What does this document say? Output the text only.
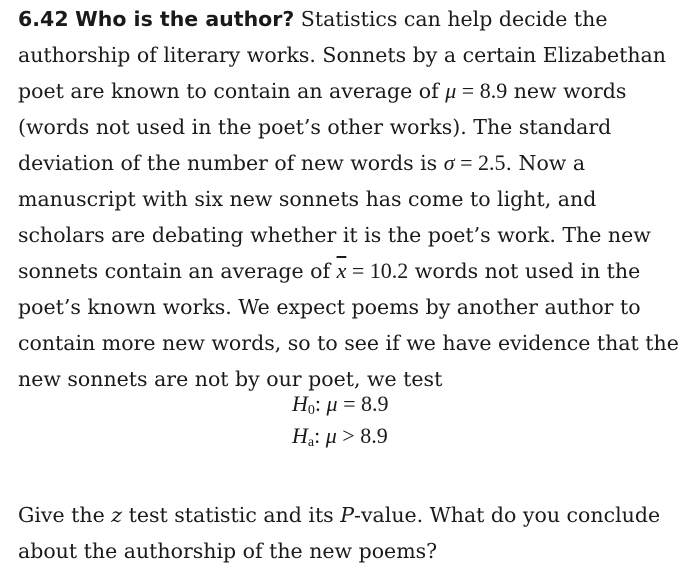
6.42 Who is the author? Statistics can help decide the authorship of literary works. Sonnets by a certain Elizabethan poet are known to contain an average of μ = 8.9 new words (words not used in the poet’s other works). The standard deviation of the number of new words is σ = 2.5. Now a manuscript with six new sonnets has come to light, and scholars are debating whether it is the poet’s work. The new sonnets contain an average of $\overline{x} = 10.2$ words not used in the poet’s known works. We expect poems by another author to contain more new words, so to see if we have evidence that the new sonnets are not by our poet, we test

$H_0$: μ = 8.9
$H_a$: μ > 8.9

Give the z test statistic and its P-value. What do you conclude about the authorship of the new poems?
